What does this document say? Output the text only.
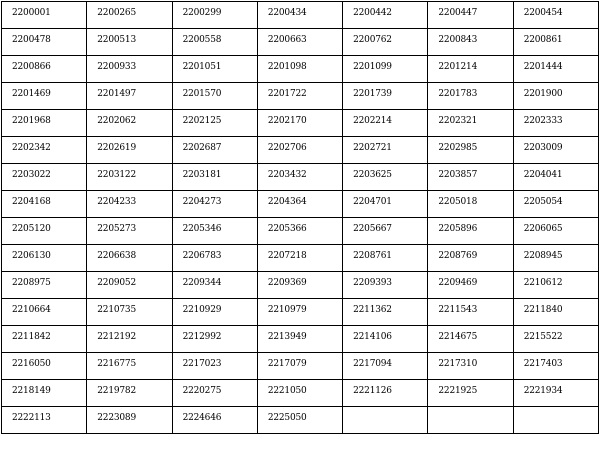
2200001	2200265	2200299	2200434	2200442	2200447	2200454
2200478	2200513	2200558	2200663	2200762	2200843	2200861
2200866	2200933	2201051	2201098	2201099	2201214	2201444
2201469	2201497	2201570	2201722	2201739	2201783	2201900
2201968	2202062	2202125	2202170	2202214	2202321	2202333
2202342	2202619	2202687	2202706	2202721	2202985	2203009
2203022	2203122	2203181	2203432	2203625	2203857	2204041
2204168	2204233	2204273	2204364	2204701	2205018	2205054
2205120	2205273	2205346	2205366	2205667	2205896	2206065
2206130	2206638	2206783	2207218	2208761	2208769	2208945
2208975	2209052	2209344	2209369	2209393	2209469	2210612
2210664	2210735	2210929	2210979	2211362	2211543	2211840
2211842	2212192	2212992	2213949	2214106	2214675	2215522
2216050	2216775	2217023	2217079	2217094	2217310	2217403
2218149	2219782	2220275	2221050	2221126	2221925	2221934
2222113	2223089	2224646	2225050			
